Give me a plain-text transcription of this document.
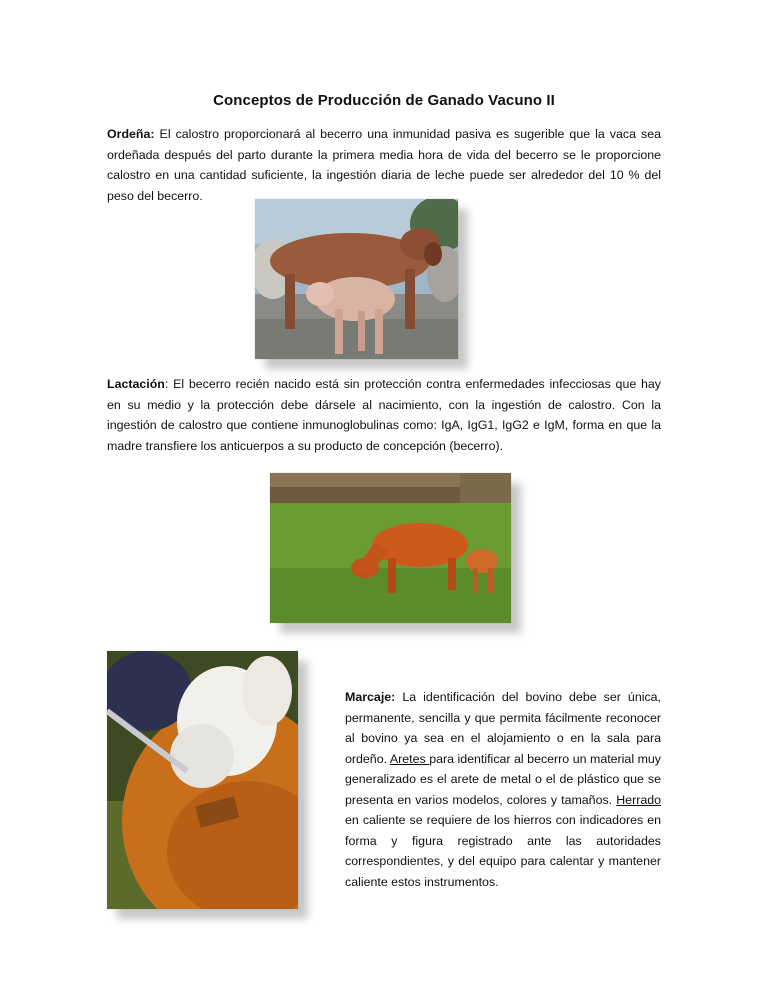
Conceptos de Producción de Ganado Vacuno II

Ordeña: El calostro proporcionará al becerro una inmunidad pasiva es sugerible que la vaca sea ordeñada después del parto durante la primera media hora de vida del becerro se le proporcione calostro en una cantidad suficiente, la ingestión diaria de leche puede ser alrededor del 10 % del peso del becerro.

Lactación: El becerro recién nacido está sin protección contra enfermedades infecciosas que hay en su medio y la protección debe dársele al nacimiento, con la ingestión de calostro. Con la ingestión de calostro que contiene inmunoglobulinas como: IgA, IgG1, IgG2 e IgM, forma en que la madre transfiere los anticuerpos a su producto de concepción (becerro).

Marcaje: La identificación del bovino debe ser única, permanente, sencilla y que permita fácilmente reconocer al bovino ya sea en el alojamiento o en la sala para ordeño. Aretes para identificar al becerro un material muy generalizado es el arete de metal o el de plástico que se presenta en varios modelos, colores y tamaños. Herrado en caliente se requiere de los hierros con indicadores en forma y figura registrado ante las autoridades correspondientes, y del equipo para calentar y mantener caliente estos instrumentos.
